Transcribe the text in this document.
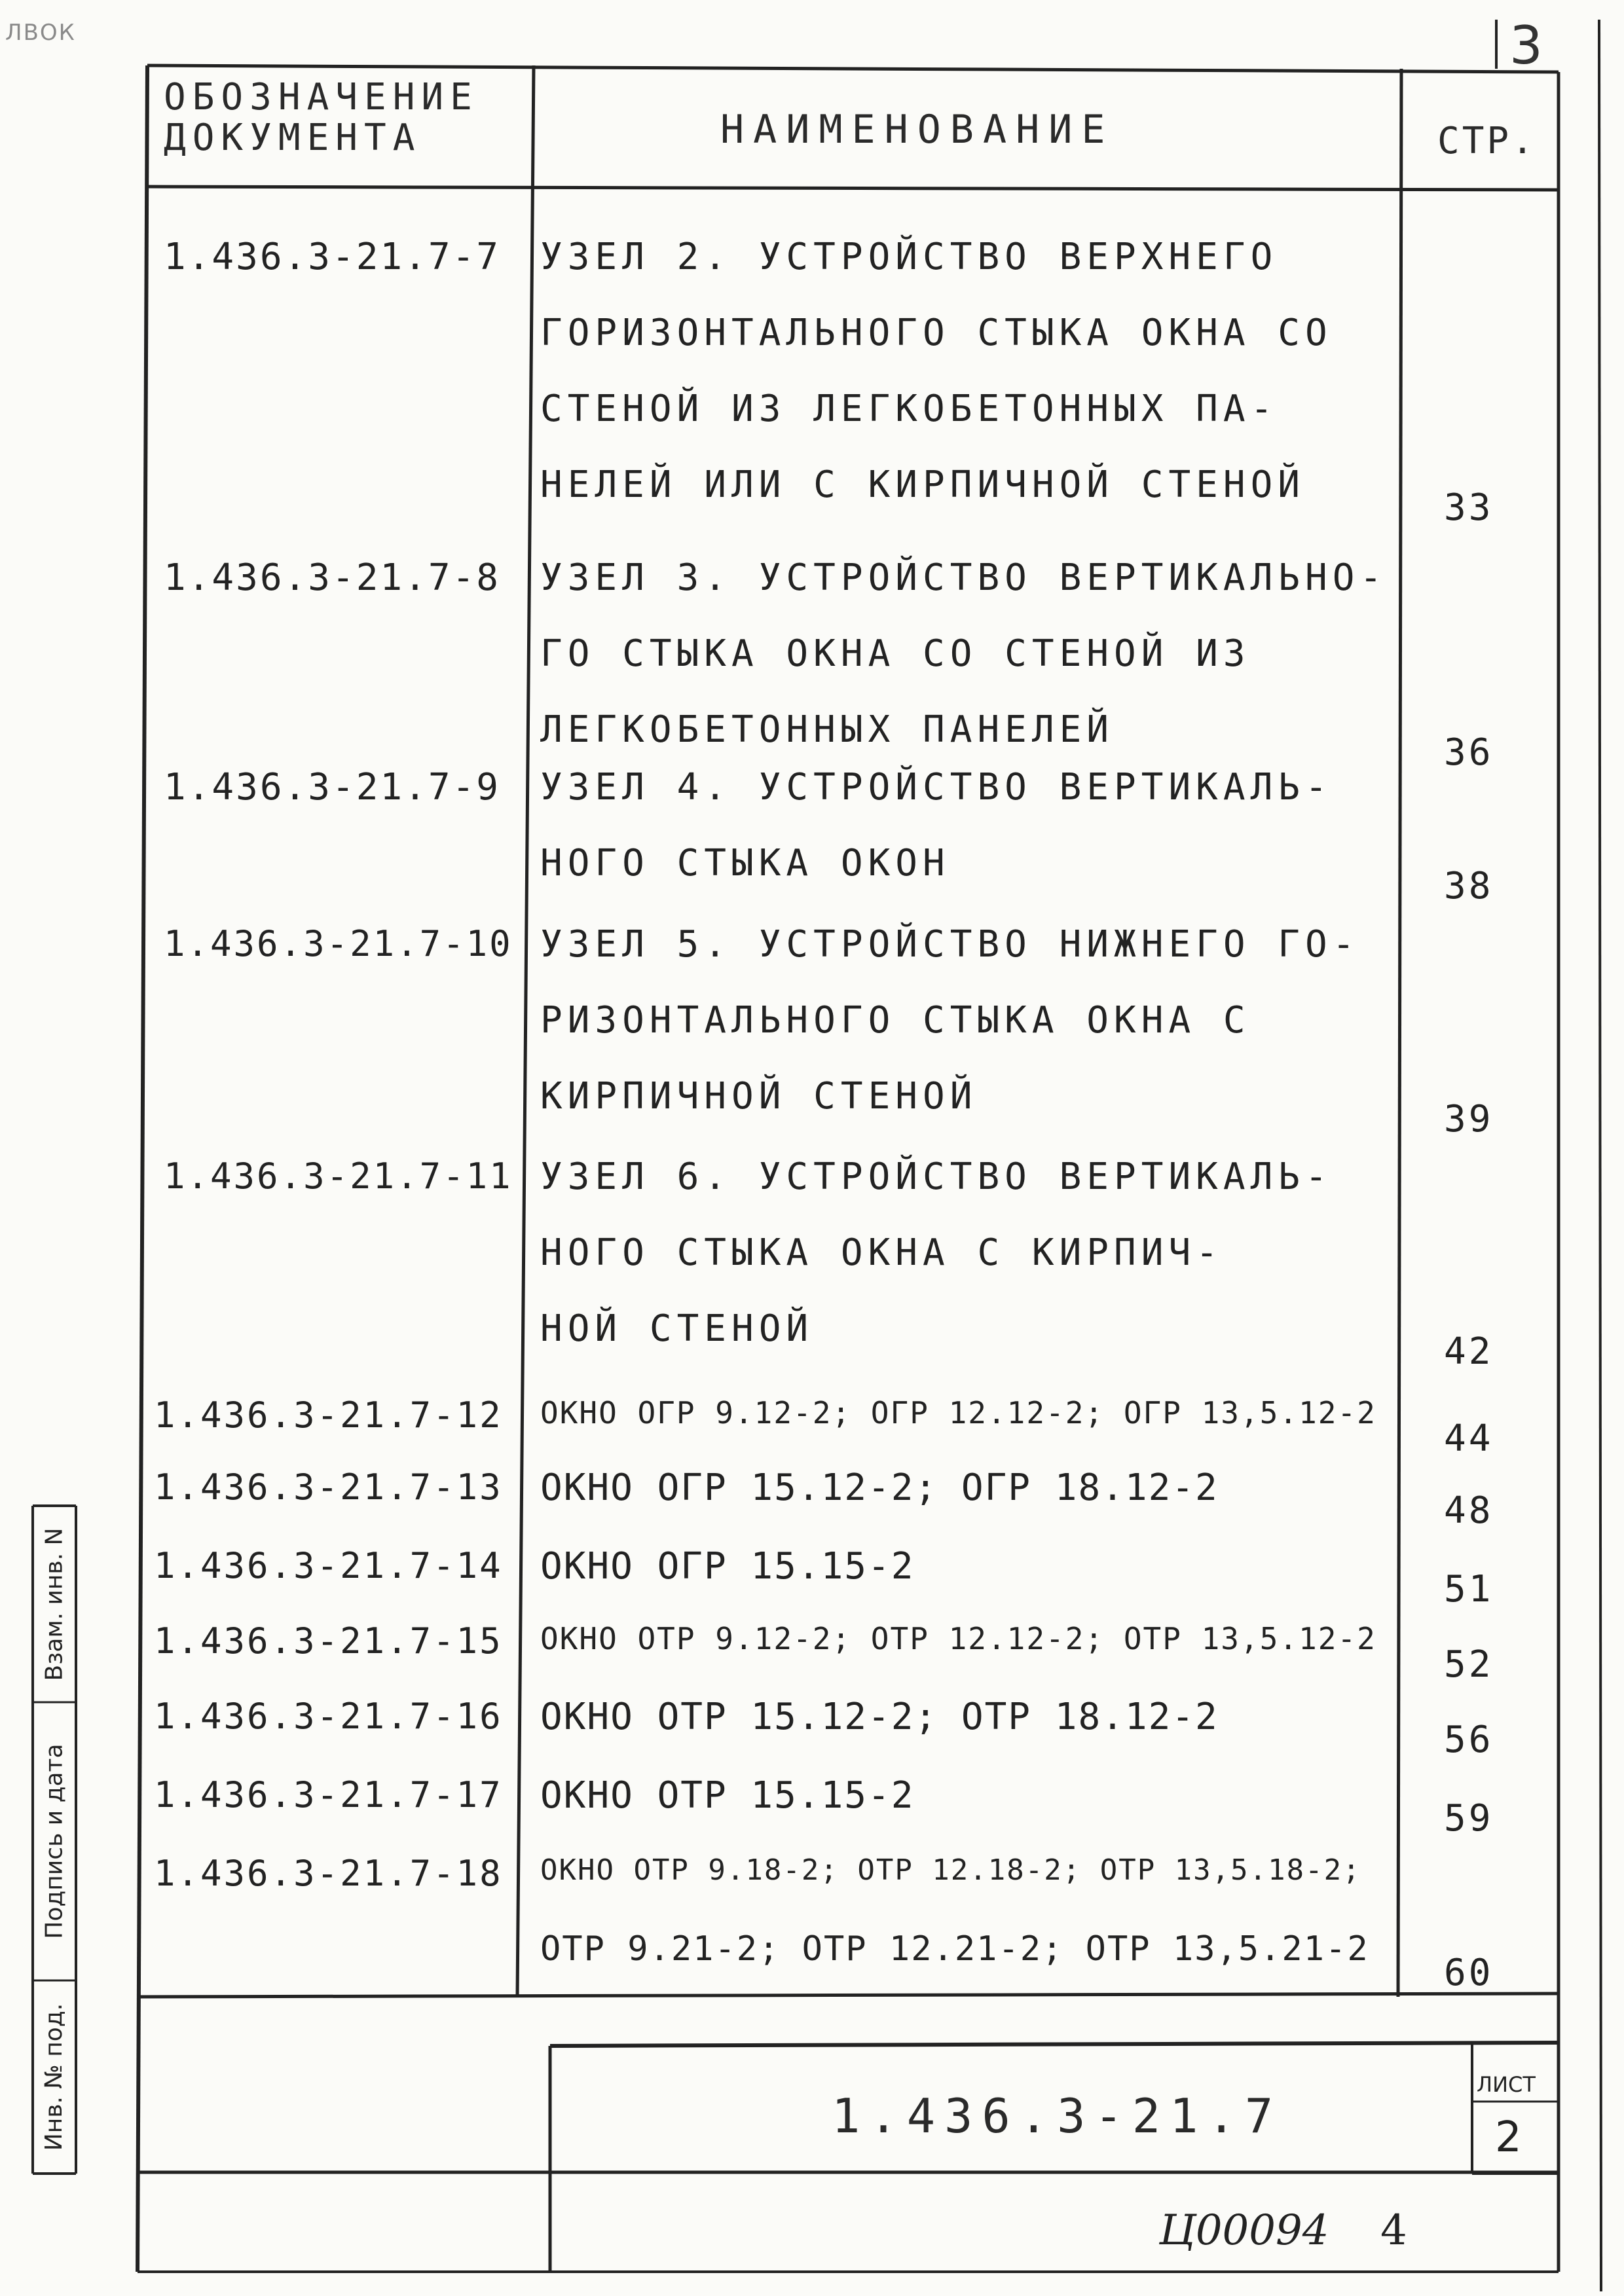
3
ЛВОК
ОБОЗНАЧЕНИЕ ДОКУМЕНТА	НАИМЕНОВАНИЕ	СТР.
1.436.3-21.7-7 УЗЕЛ 2. УСТРОЙСТВО ВЕРХНЕГО
ГОРИЗОНТАЛЬНОГО СТЫКА ОКНА СО
СТЕНОЙ ИЗ ЛЕГКОБЕТОННЫХ ПА-
НЕЛЕЙ ИЛИ С КИРПИЧНОЙ СТЕНОЙ
33
1.436.3-21.7-8 УЗЕЛ 3. УСТРОЙСТВО ВЕРТИКАЛЬНО-
ГО СТЫКА ОКНА СО СТЕНОЙ ИЗ
ЛЕГКОБЕТОННЫХ ПАНЕЛЕЙ
36
1.436.3-21.7-9 УЗЕЛ 4. УСТРОЙСТВО ВЕРТИКАЛЬ-
НОГО СТЫКА ОКОН
38
1.436.3-21.7-10 УЗЕЛ 5. УСТРОЙСТВО НИЖНЕГО ГО-
РИЗОНТАЛЬНОГО СТЫКА ОКНА С
КИРПИЧНОЙ СТЕНОЙ
39
1.436.3-21.7-11 УЗЕЛ 6. УСТРОЙСТВО ВЕРТИКАЛЬ-
НОГО СТЫКА ОКНА С КИРПИЧ-
НОЙ СТЕНОЙ
42
1.436.3-21.7-12 ОКНО ОГР 9.12-2; ОГР 12.12-2; ОГР 13,5.12-2
44
1.436.3-21.7-13 ОКНО ОГР 15.12-2; ОГР 18.12-2
48
1.436.3-21.7-14 ОКНО ОГР 15.15-2
51
1.436.3-21.7-15 ОКНО ОТР 9.12-2; ОТР 12.12-2; ОТР 13,5.12-2
52
1.436.3-21.7-16 ОКНО ОТР 15.12-2; ОТР 18.12-2
56
1.436.3-21.7-17 ОКНО ОТР 15.15-2
59
1.436.3-21.7-18 ОКНО ОТР 9.18-2; ОТР 12.18-2; ОТР 13,5.18-2;
ОТР 9.21-2; ОТР 12.21-2; ОТР 13,5.21-2
60
Взам. инв. N
Подпись и дата
Инв. № под.	1.436.3-21.7
ЛИСТ
2
Ц00094 4
